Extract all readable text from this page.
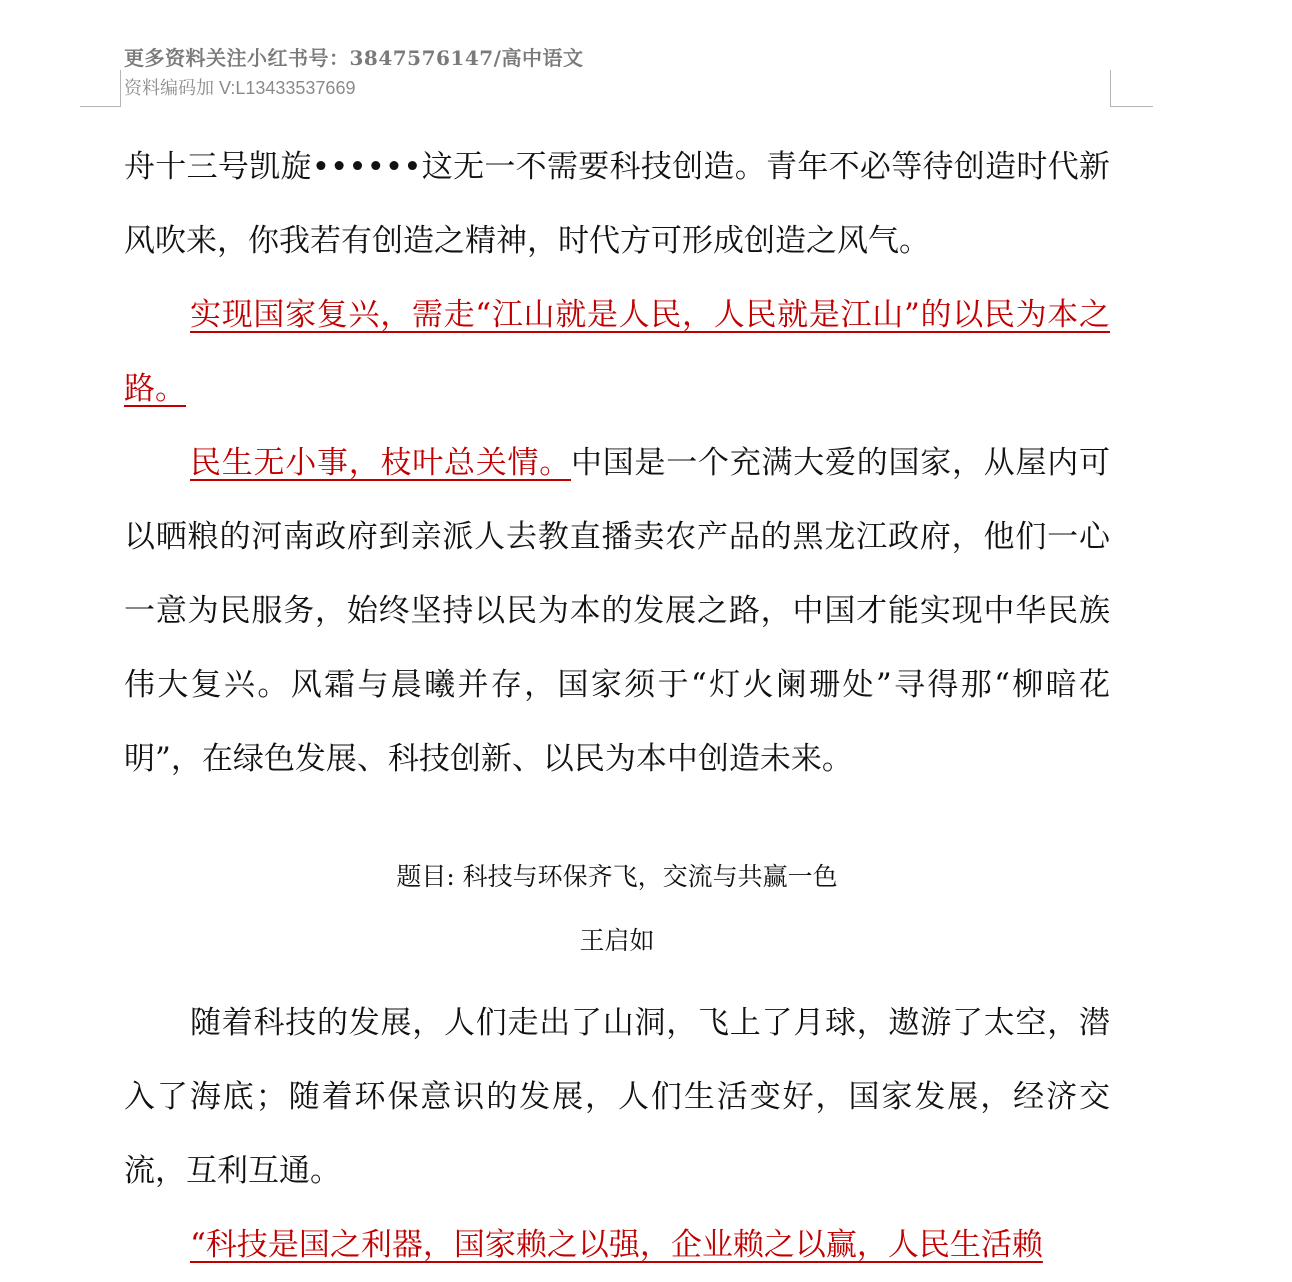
更多资料关注小红书号：3847576147/高中语文
资料编码加 V:L13433537669

舟十三号凯旋••••••这无一不需要科技创造。青年不必等待创造时代新风吹来，你我若有创造之精神，时代方可形成创造之风气。

实现国家复兴，需走“江山就是人民，人民就是江山”的以民为本之路。

民生无小事，枝叶总关情。中国是一个充满大爱的国家，从屋内可以晒粮的河南政府到亲派人去教直播卖农产品的黑龙江政府，他们一心一意为民服务，始终坚持以民为本的发展之路，中国才能实现中华民族伟大复兴。风霜与晨曦并存，国家须于“灯火阑珊处”寻得那“柳暗花明”，在绿色发展、科技创新、以民为本中创造未来。

题目: 科技与环保齐飞，交流与共赢一色

王启如

随着科技的发展，人们走出了山洞，飞上了月球，遨游了太空，潜入了海底；随着环保意识的发展，人们生活变好，国家发展，经济交流，互利互通。

“科技是国之利器，国家赖之以强，企业赖之以赢，人民生活赖
